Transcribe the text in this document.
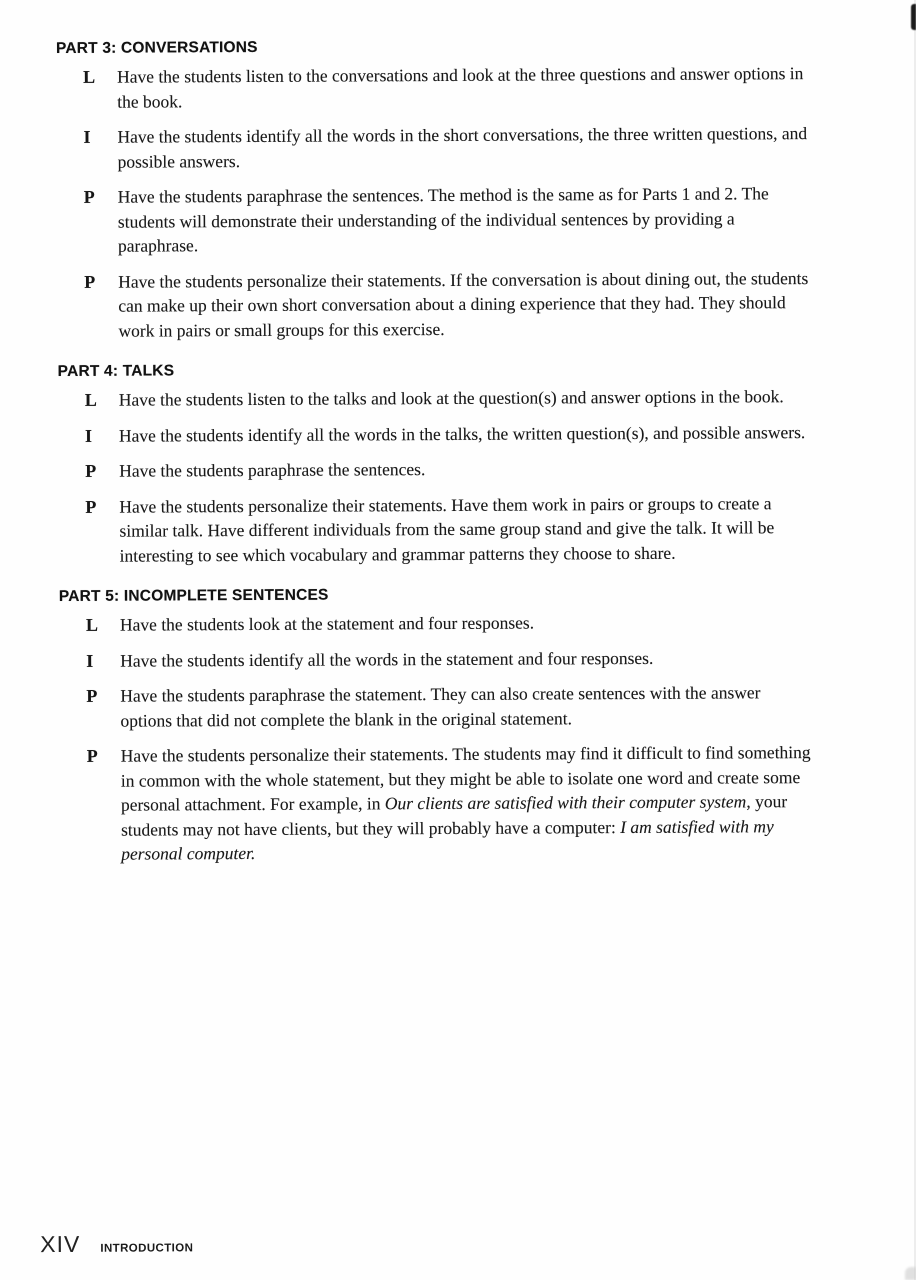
PART 3: CONVERSATIONS
L	Have the students listen to the conversations and look at the three questions and answer options in the book.

I	Have the students identify all the words in the short conversations, the three written questions, and possible answers.

P	Have the students paraphrase the sentences. The method is the same as for Parts 1 and 2. The students will demonstrate their understanding of the individual sentences by providing a paraphrase.

P	Have the students personalize their statements. If the conversation is about dining out, the students can make up their own short conversation about a dining experience that they had. They should work in pairs or small groups for this exercise.

PART 4: TALKS
L	Have the students listen to the talks and look at the question(s) and answer options in the book.

I	Have the students identify all the words in the talks, the written question(s), and possible answers.

P	Have the students paraphrase the sentences.

P	Have the students personalize their statements. Have them work in pairs or groups to create a similar talk. Have different individuals from the same group stand and give the talk. It will be interesting to see which vocabulary and grammar patterns they choose to share.

PART 5: INCOMPLETE SENTENCES
L	Have the students look at the statement and four responses.

I	Have the students identify all the words in the statement and four responses.

P	Have the students paraphrase the statement. They can also create sentences with the answer options that did not complete the blank in the original statement.

P	Have the students personalize their statements. The students may find it difficult to find something in common with the whole statement, but they might be able to isolate one word and create some personal attachment. For example, in Our clients are satisfied with their computer system, your students may not have clients, but they will probably have a computer: I am satisfied with my personal computer.

XIV INTRODUCTION
